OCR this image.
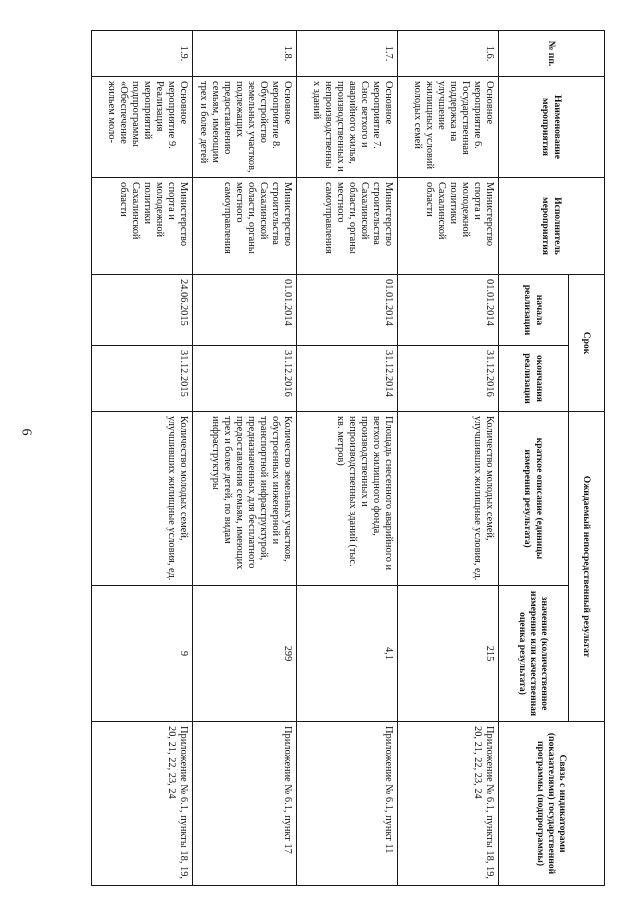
6
№ пп.	Наименование мероприятия	Исполнитель мероприятия	Срок		Ожидаемый непосредственный результат		Связь с индикаторами (показателями) государственной программы (подпрограммы)
			начала реализации	окончания реализации	краткое описание (единицы измерения результата)	значение (количественное измерение или качественная оценка результата)	
1.6.	Основное мероприятие 6. Государственная поддержка на улучшение жилищных условий молодых семей	Министерство спорта и молодежной политики Сахалинской области	01.01.2014	31.12.2016	Количество молодых семей, улучшивших жилищные условия, ед.	215	Приложение № 6.1, пункты 18, 19, 20, 21, 22, 23, 24
1.7.	Основное мероприятие 7. Снос ветхого и аварийного жилья, производственных и непроизводственных зданий	Министерство строительства Сахалинской области, органы местного самоуправления	01.01.2014	31.12.2014	Площадь снесенного аварийного и ветхого жилищного фонда, производственных и непроизводственных зданий (тыс. кв. метров)	4,1	Приложение № 6.1, пункт 11
1.8.	Основное мероприятие 8. Обустройство земельных участков, подлежащих предоставлению семьям, имеющим трех и более детей	Министерство строительства Сахалинской области, органы местного самоуправления	01.01.2014	31.12.2016	Количество земельных участков, обустроенных инженерной и транспортной инфраструктурой, предназначенных для бесплатного предоставления семьям, имеющих трех и более детей, по видам инфраструктуры	299	Приложение № 6.1, пункт 17
1.9.	Основное мероприятие 9. Реализация мероприятий подпрограммы «Обеспечение жильем моло-	Министерство спорта и молодежной политики Сахалинской области	24.06.2015	31.12.2015	Количество молодых семей, улучшивших жилищные условия, ед.	9	Приложение № 6.1, пункты 18, 19, 20, 21, 22, 23, 24
